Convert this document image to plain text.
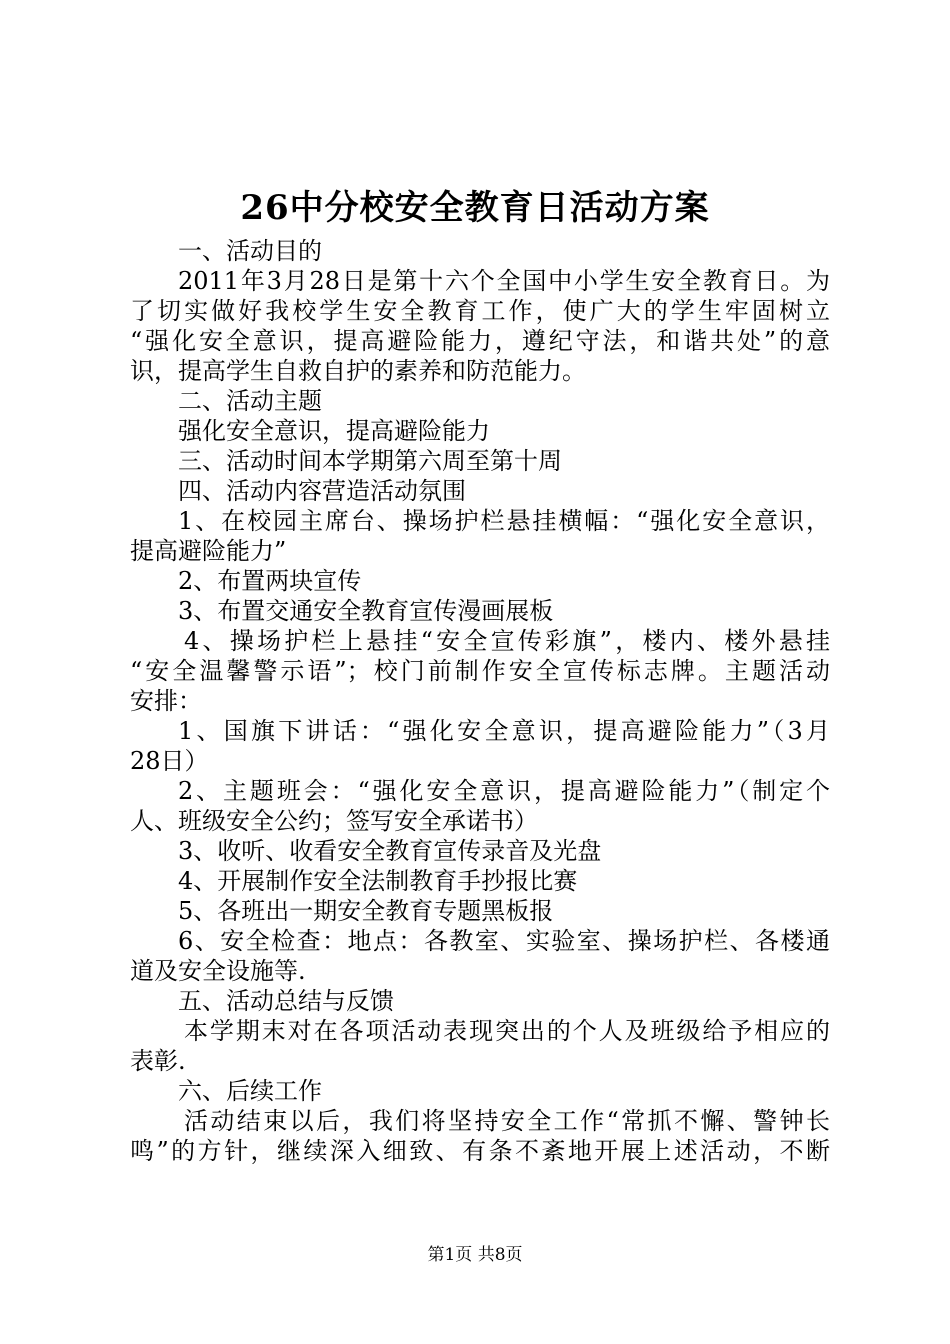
26中分校安全教育日活动方案
一、活动目的
2011年3月28日是第十六个全国中小学生安全教育日。为
了切实做好我校学生安全教育工作，使广大的学生牢固树立
“强化安全意识，提高避险能力，遵纪守法，和谐共处”的意
识，提高学生自救自护的素养和防范能力。
二、活动主题
强化安全意识，提高避险能力
三、活动时间本学期第六周至第十周
四、活动内容营造活动氛围
1、在校园主席台、操场护栏悬挂横幅：“强化安全意识，
提高避险能力”
2、布置两块宣传
3、布置交通安全教育宣传漫画展板
4、操场护栏上悬挂“安全宣传彩旗”，楼内、楼外悬挂
“安全温馨警示语”；校门前制作安全宣传标志牌。主题活动
安排：
1、国旗下讲话：“强化安全意识，提高避险能力”（3月
28日）
2、主题班会：“强化安全意识，提高避险能力”（制定个
人、班级安全公约；签写安全承诺书）
3、收听、收看安全教育宣传录音及光盘
4、开展制作安全法制教育手抄报比赛
5、各班出一期安全教育专题黑板报
6、安全检查：地点：各教室、实验室、操场护栏、各楼通
道及安全设施等.
五、活动总结与反馈
本学期末对在各项活动表现突出的个人及班级给予相应的
表彰.
六、后续工作
活动结束以后，我们将坚持安全工作“常抓不懈、警钟长
鸣”的方针，继续深入细致、有条不紊地开展上述活动，不断
第1页 共8页
